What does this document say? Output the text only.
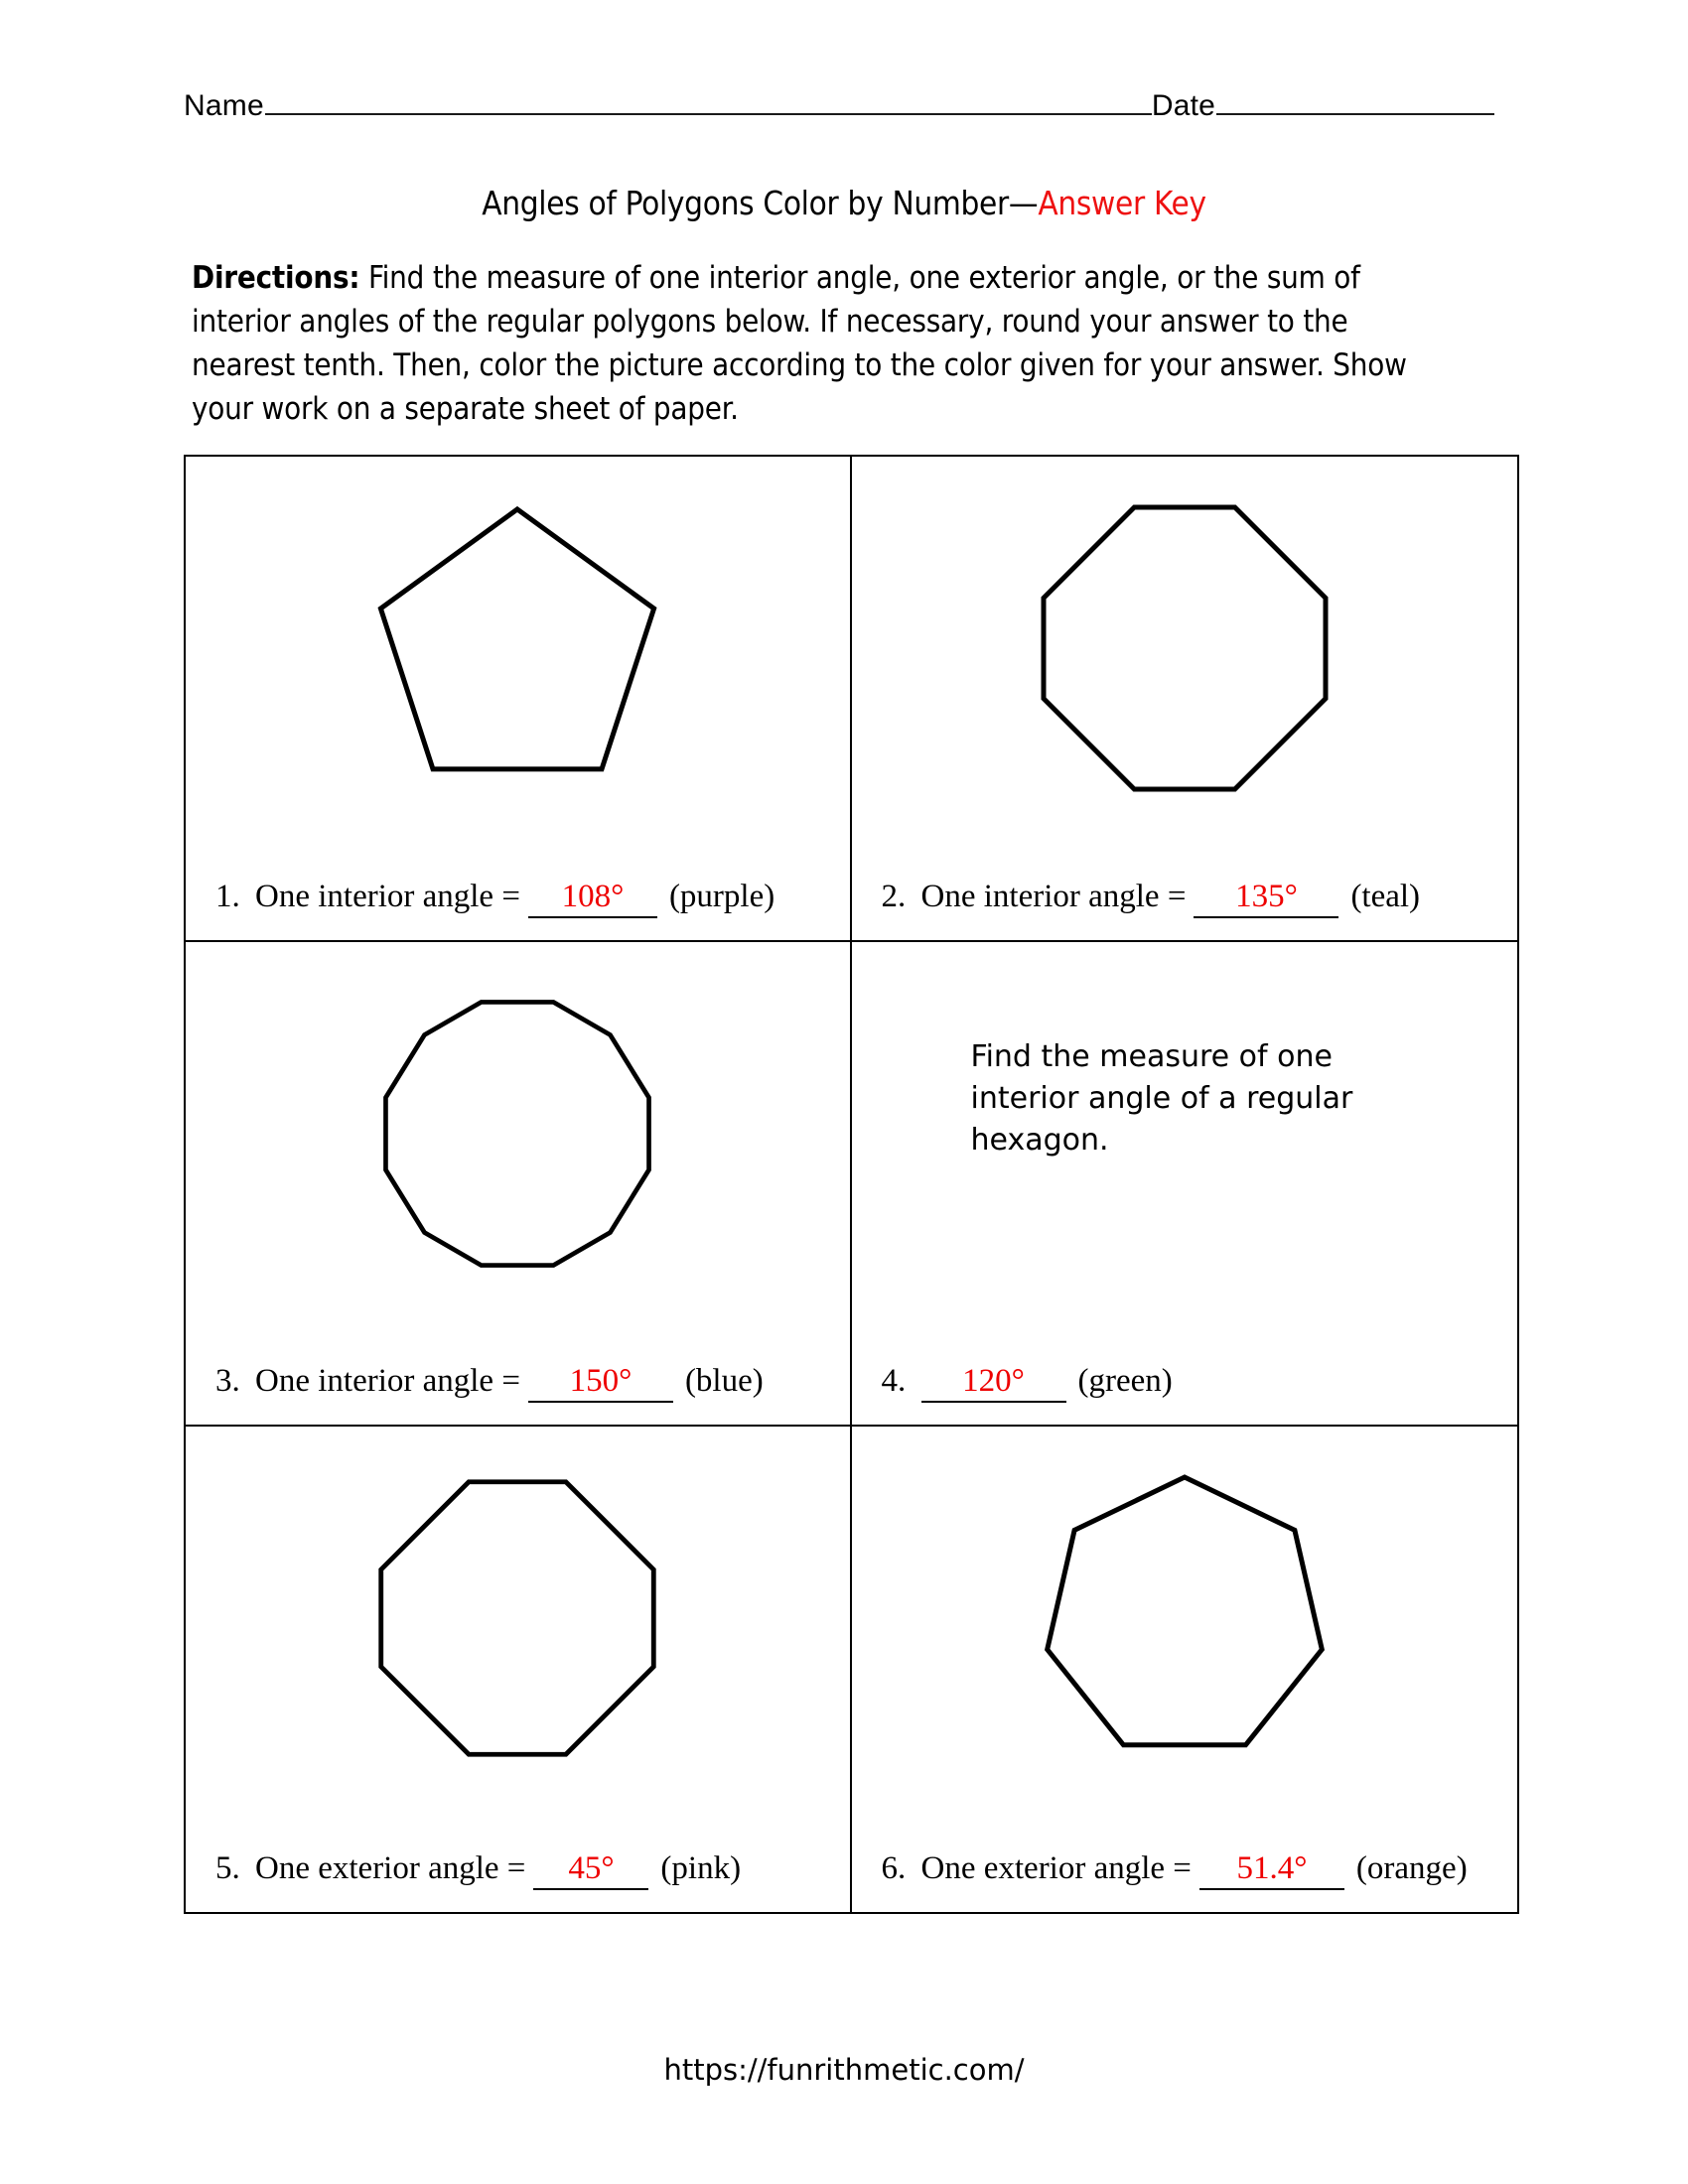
Name	Date
Angles of Polygons Color by Number—Answer Key
Directions: Find the measure of one interior angle, one exterior angle, or the sum of interior angles of the regular polygons below. If necessary, round your answer to the nearest tenth. Then, color the picture according to the color given for your answer. Show your work on a separate sheet of paper.
1. One interior angle =	108°	(purple)	2. One interior angle =	135°	(teal)
3. One interior angle =	150°	(blue)
Find the measure of one interior angle of a regular hexagon.
4.	120°	(green)
5. One exterior angle =	45°	(pink)	6. One exterior angle =	51.4°	(orange)
https://funrithmetic.com/
